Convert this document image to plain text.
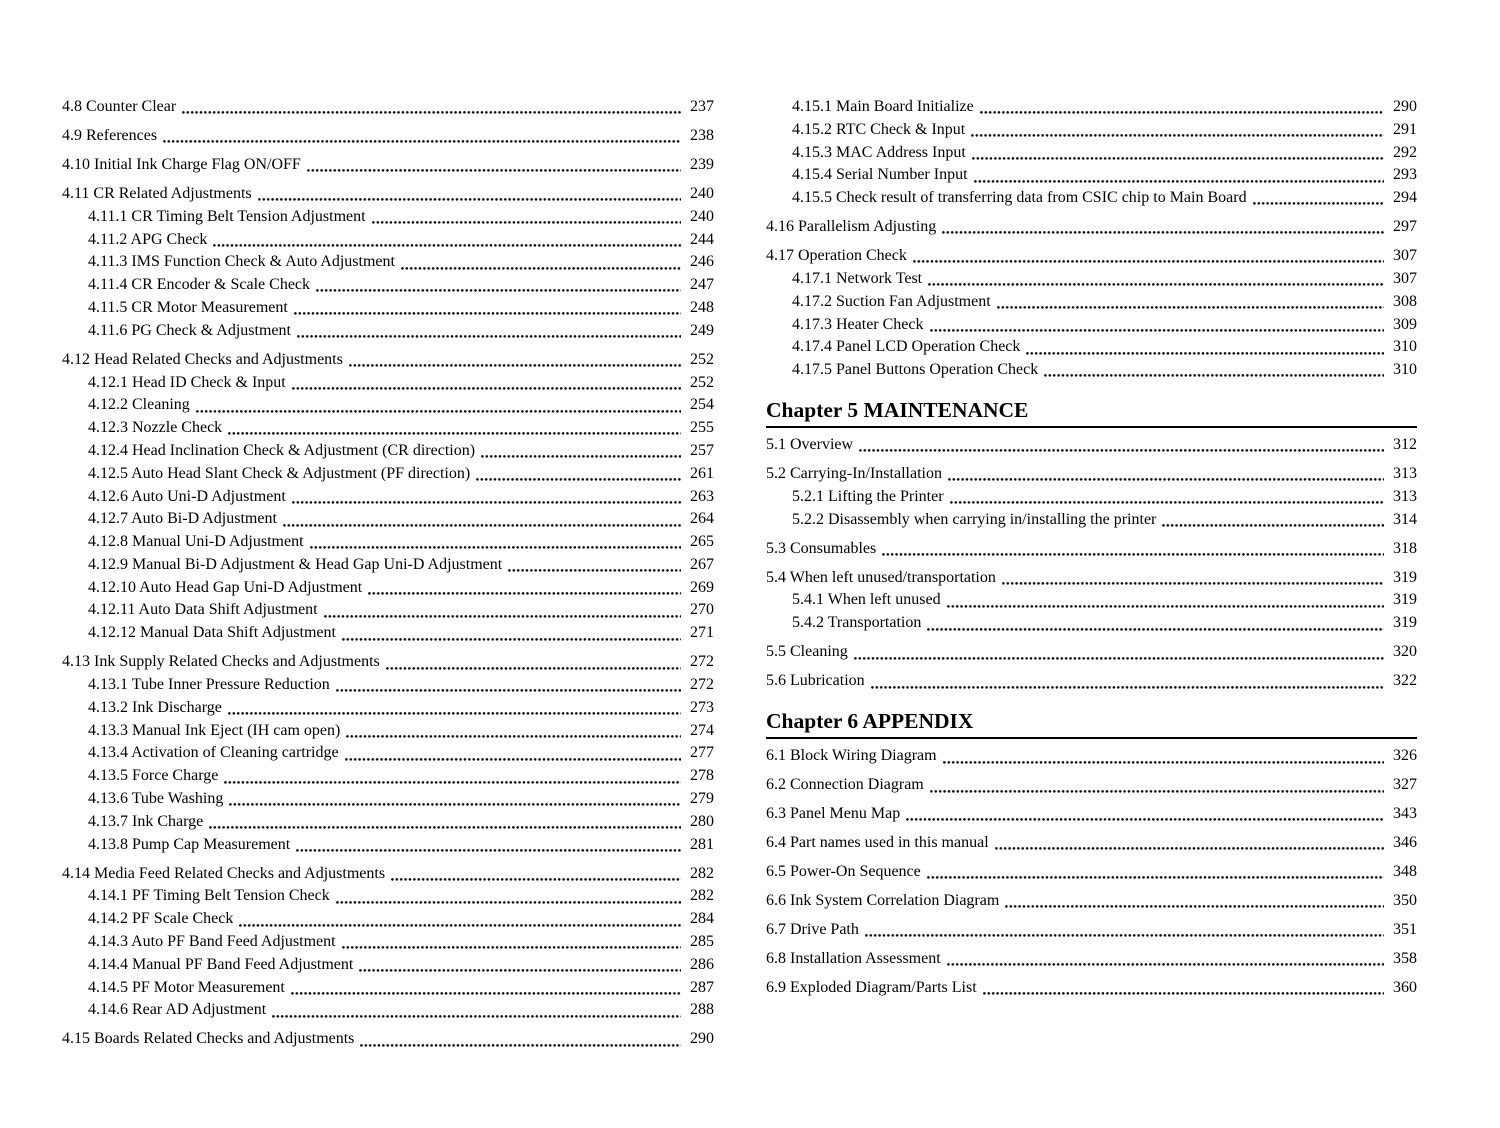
4.8 Counter Clear	237
4.9 References	238
4.10 Initial Ink Charge Flag ON/OFF	239
4.11 CR Related Adjustments	240
4.11.1 CR Timing Belt Tension Adjustment	240
4.11.2 APG Check	244
4.11.3 IMS Function Check & Auto Adjustment	246
4.11.4 CR Encoder & Scale Check	247
4.11.5 CR Motor Measurement	248
4.11.6 PG Check & Adjustment	249
4.12 Head Related Checks and Adjustments	252
4.12.1 Head ID Check & Input	252
4.12.2 Cleaning	254
4.12.3 Nozzle Check	255
4.12.4 Head Inclination Check & Adjustment (CR direction)	257
4.12.5 Auto Head Slant Check & Adjustment (PF direction)	261
4.12.6 Auto Uni-D Adjustment	263
4.12.7 Auto Bi-D Adjustment	264
4.12.8 Manual Uni-D Adjustment	265
4.12.9 Manual Bi-D Adjustment & Head Gap Uni-D Adjustment	267
4.12.10 Auto Head Gap Uni-D Adjustment	269
4.12.11 Auto Data Shift Adjustment	270
4.12.12 Manual Data Shift Adjustment	271
4.13 Ink Supply Related Checks and Adjustments	272
4.13.1 Tube Inner Pressure Reduction	272
4.13.2 Ink Discharge	273
4.13.3 Manual Ink Eject (IH cam open)	274
4.13.4 Activation of Cleaning cartridge	277
4.13.5 Force Charge	278
4.13.6 Tube Washing	279
4.13.7 Ink Charge	280
4.13.8 Pump Cap Measurement	281
4.14 Media Feed Related Checks and Adjustments	282
4.14.1 PF Timing Belt Tension Check	282
4.14.2 PF Scale Check	284
4.14.3 Auto PF Band Feed Adjustment	285
4.14.4 Manual PF Band Feed Adjustment	286
4.14.5 PF Motor Measurement	287
4.14.6 Rear AD Adjustment	288
4.15 Boards Related Checks and Adjustments	290
4.15.1 Main Board Initialize	290
4.15.2 RTC Check & Input	291
4.15.3 MAC Address Input	292
4.15.4 Serial Number Input	293
4.15.5 Check result of transferring data from CSIC chip to Main Board	294
4.16 Parallelism Adjusting	297
4.17 Operation Check	307
4.17.1 Network Test	307
4.17.2 Suction Fan Adjustment	308
4.17.3 Heater Check	309
4.17.4 Panel LCD Operation Check	310
4.17.5 Panel Buttons Operation Check	310
Chapter 5 MAINTENANCE
5.1 Overview	312
5.2 Carrying-In/Installation	313
5.2.1 Lifting the Printer	313
5.2.2 Disassembly when carrying in/installing the printer	314
5.3 Consumables	318
5.4 When left unused/transportation	319
5.4.1 When left unused	319
5.4.2 Transportation	319
5.5 Cleaning	320
5.6 Lubrication	322
Chapter 6 APPENDIX
6.1 Block Wiring Diagram	326
6.2 Connection Diagram	327
6.3 Panel Menu Map	343
6.4 Part names used in this manual	346
6.5 Power-On Sequence	348
6.6 Ink System Correlation Diagram	350
6.7 Drive Path	351
6.8 Installation Assessment	358
6.9 Exploded Diagram/Parts List	360
